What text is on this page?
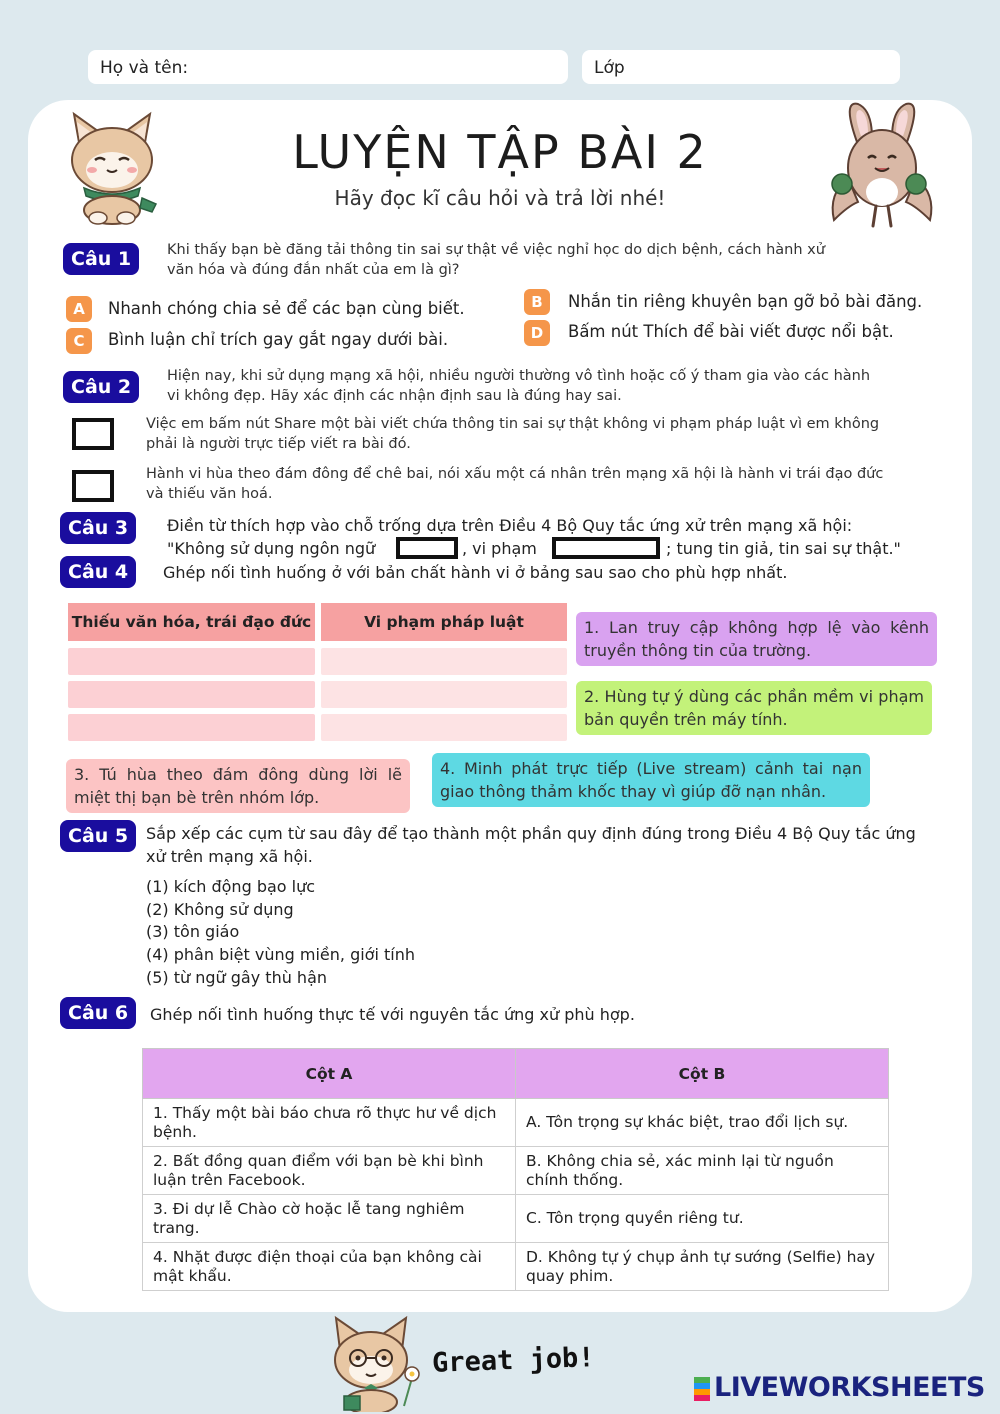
Họ và tên:	Lớp
LUYỆN TẬP BÀI 2
Hãy đọc kĩ câu hỏi và trả lời nhé!
Câu 1	Khi thấy bạn bè đăng tải thông tin sai sự thật về việc nghỉ học do dịch bệnh, cách hành xử văn hóa và đúng đắn nhất của em là gì?
A	Nhanh chóng chia sẻ để các bạn cùng biết.	B	Nhắn tin riêng khuyên bạn gỡ bỏ bài đăng.
C	Bình luận chỉ trích gay gắt ngay dưới bài.	D	Bấm nút Thích để bài viết được nổi bật.
Câu 2	Hiện nay, khi sử dụng mạng xã hội, nhiều người thường vô tình hoặc cố ý tham gia vào các hành vi không đẹp. Hãy xác định các nhận định sau là đúng hay sai.
Việc em bấm nút Share một bài viết chứa thông tin sai sự thật không vi phạm pháp luật vì em không phải là người trực tiếp viết ra bài đó.
Hành vi hùa theo đám đông để chê bai, nói xấu một cá nhân trên mạng xã hội là hành vi trái đạo đức và thiếu văn hoá.
Câu 3	Điền từ thích hợp vào chỗ trống dựa trên Điều 4 Bộ Quy tắc ứng xử trên mạng xã hội:
"Không sử dụng ngôn ngữ	, vi phạm	; tung tin giả, tin sai sự thật."
Câu 4	Ghép nối tình huống ở với bản chất hành vi ở bảng sau sao cho phù hợp nhất.
Thiếu văn hóa, trái đạo đức	Vi phạm pháp luật	1. Lan truy cập không hợp lệ vào kênh truyền thông tin của trường.
2. Hùng tự ý dùng các phần mềm vi phạm bản quyền trên máy tính.
3. Tú hùa theo đám đông dùng lời lẽ miệt thị bạn bè trên nhóm lớp.
4. Minh phát trực tiếp (Live stream) cảnh tai nạn giao thông thảm khốc thay vì giúp đỡ nạn nhân.
Câu 5	Sắp xếp các cụm từ sau đây để tạo thành một phần quy định đúng trong Điều 4 Bộ Quy tắc ứng xử trên mạng xã hội.
(1) kích động bạo lực
(2) Không sử dụng
(3) tôn giáo
(4) phân biệt vùng miền, giới tính
(5) từ ngữ gây thù hận
Câu 6	Ghép nối tình huống thực tế với nguyên tắc ứng xử phù hợp.
Cột A	Cột B
1. Thấy một bài báo chưa rõ thực hư về dịch bệnh.	A. Tôn trọng sự khác biệt, trao đổi lịch sự.
2. Bất đồng quan điểm với bạn bè khi bình luận trên Facebook.	B. Không chia sẻ, xác minh lại từ nguồn chính thống.
3. Đi dự lễ Chào cờ hoặc lễ tang nghiêm trang.	C. Tôn trọng quyền riêng tư.
4. Nhặt được điện thoại của bạn không cài mật khẩu.	D. Không tự ý chụp ảnh tự sướng (Selfie) hay quay phim.
Great job!
LIVEWORKSHEETS
